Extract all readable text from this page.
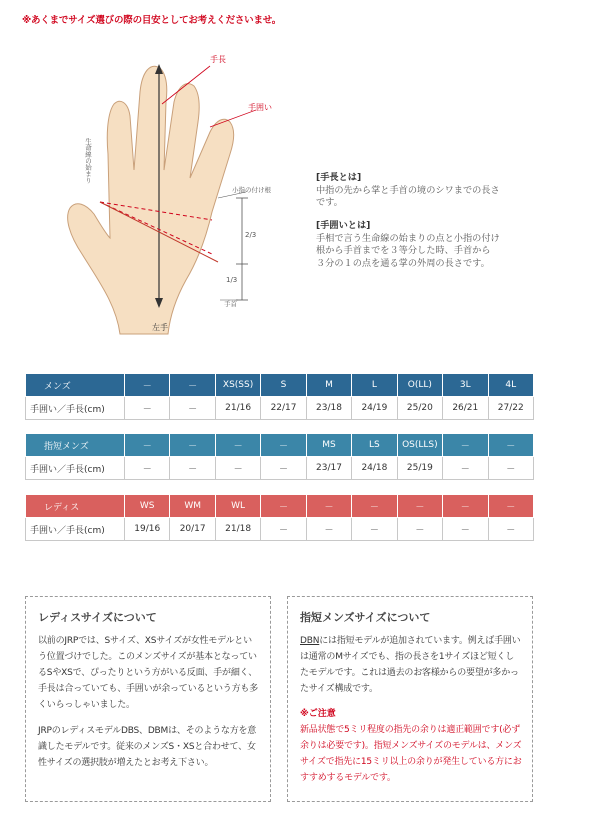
※あくまでサイズ選びの際の目安としてお考えくださいませ。
手長
手囲い
生命線の始まり
小指の付け根
2/3
1/3
手首
左手
[手長とは]
中指の先から掌と手首の境のシワまでの長さ
です。
[手囲いとは]
手相で言う生命線の始まりの点と小指の付け
根から手首までを３等分した時、手首から
３分の１の点を通る掌の外周の長さです。
メンズ	－	－	XS(SS)	S	M	L	O(LL)	3L	4L
手囲い／手長(cm)	－	－	21/16	22/17	23/18	24/19	25/20	26/21	27/22
指短メンズ	－	－	－	－	MS	LS	OS(LLS)	－	－
手囲い／手長(cm)	－	－	－	－	23/17	24/18	25/19	－	－
レディス	WS	WM	WL	－	－	－	－	－	－
手囲い／手長(cm)	19/16	20/17	21/18	－	－	－	－	－	－
レディスサイズについて

以前のJRPでは、Sサイズ、XSサイズが女性モデルという位置づけでした。このメンズサイズが基本となっているSやXSで、ぴったりという方がいる反面、手が細く、手長は合っていても、手囲いが余っているという方も多くいらっしゃいました。

JRPのレディスモデルDBS、DBMは、そのような方を意識したモデルです。従来のメンズS・XSと合わせて、女性サイズの選択肢が増えたとお考え下さい。

指短メンズサイズについて

DBNには指短モデルが追加されています。例えば手囲いは通常のMサイズでも、指の長さを1サイズほど短くしたモデルです。これは過去のお客様からの要望が多かったサイズ構成です。

※ご注意

新品状態で5ミリ程度の指先の余りは適正範囲です(必ず余りは必要です)。指短メンズサイズのモデルは、メンズサイズで指先に15ミリ以上の余りが発生している方におすすめするモデルです。
